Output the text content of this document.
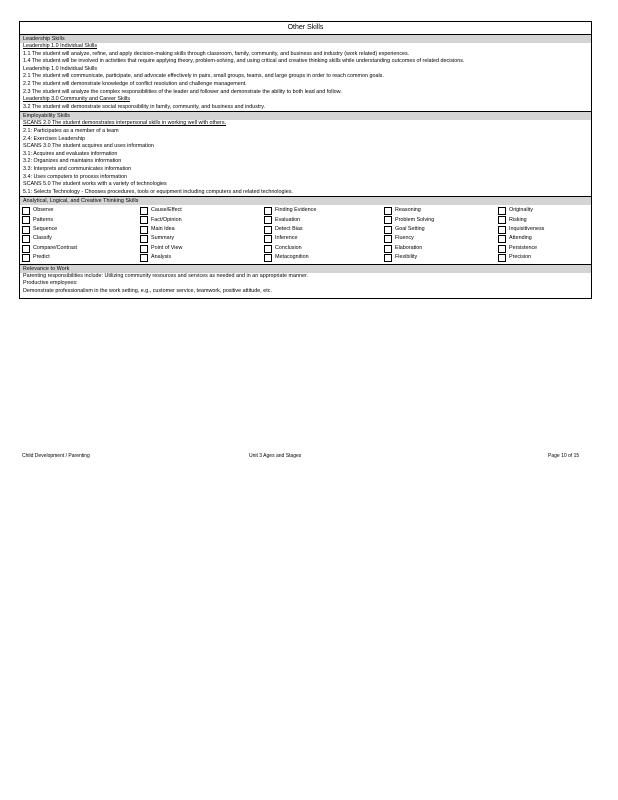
Other Skills
Leadership Skills
Leadership 1.0 Individual Skills
1.1 The student will analyze, refine, and apply decision-making skills through classroom, family, community, and business and industry (work related) experiences.
1.4 The student will be involved in activities that require applying theory, problem-solving, and using critical and creative thinking skills while understanding outcomes of related decisions.
Leadership 1.0 Individual Skills
2.1 The student will communicate, participate, and advocate effectively in pairs, small groups, teams, and large groups in order to reach common goals.
2.2 The student will demonstrate knowledge of conflict resolution and challenge management.
2.3 The student will analyze the complex responsibilities of the leader and follower and demonstrate the ability to both lead and follow.
Leadership 3.0 Community and Career Skills
3.2 The student will demonstrate social responsibility in family, community, and business and industry.
Employability Skills
SCANS 2.0 The student demonstrates interpersonal skills in working well with others.
2.1: Participates as a member of a team
2.4: Exercises Leadership
SCANS 3.0 The student acquires and uses information
3.1: Acquires and evaluates information
3.2: Organizes and maintains information
3.3: Interprets and communicates information
3.4: Uses computers to process information
SCANS 5.0 The student works with a variety of technologies
5.1: Selects Technology - Chooses procedures, tools or equipment including computers and related technologies.
Analytical, Logical, and Creative Thinking Skills
Observe	Cause/Effect	Finding Evidence	Reasoning	Originality
Patterns	Fact/Opinion	Evaluation	Problem Solving	Risking
Sequence	Main Idea	Detect Bias	Goal Setting	Inquisitiveness
Classify	Summary	Inference	Fluency	Attending
Compare/Contrast	Point of View	Conclusion	Elaboration	Persistence
Predict	Analysis	Metacognition	Flexibility	Precision
Relevance to Work
Parenting responsibilities include: Utilizing community resources and services as needed and in an appropriate manner.
Productive employees:
Demonstrate professionalism in the work setting, e.g., customer service, teamwork, positive attitude, etc.
Child Development / Parenting	Unit 3 Ages and Stages	Page 10 of 15
